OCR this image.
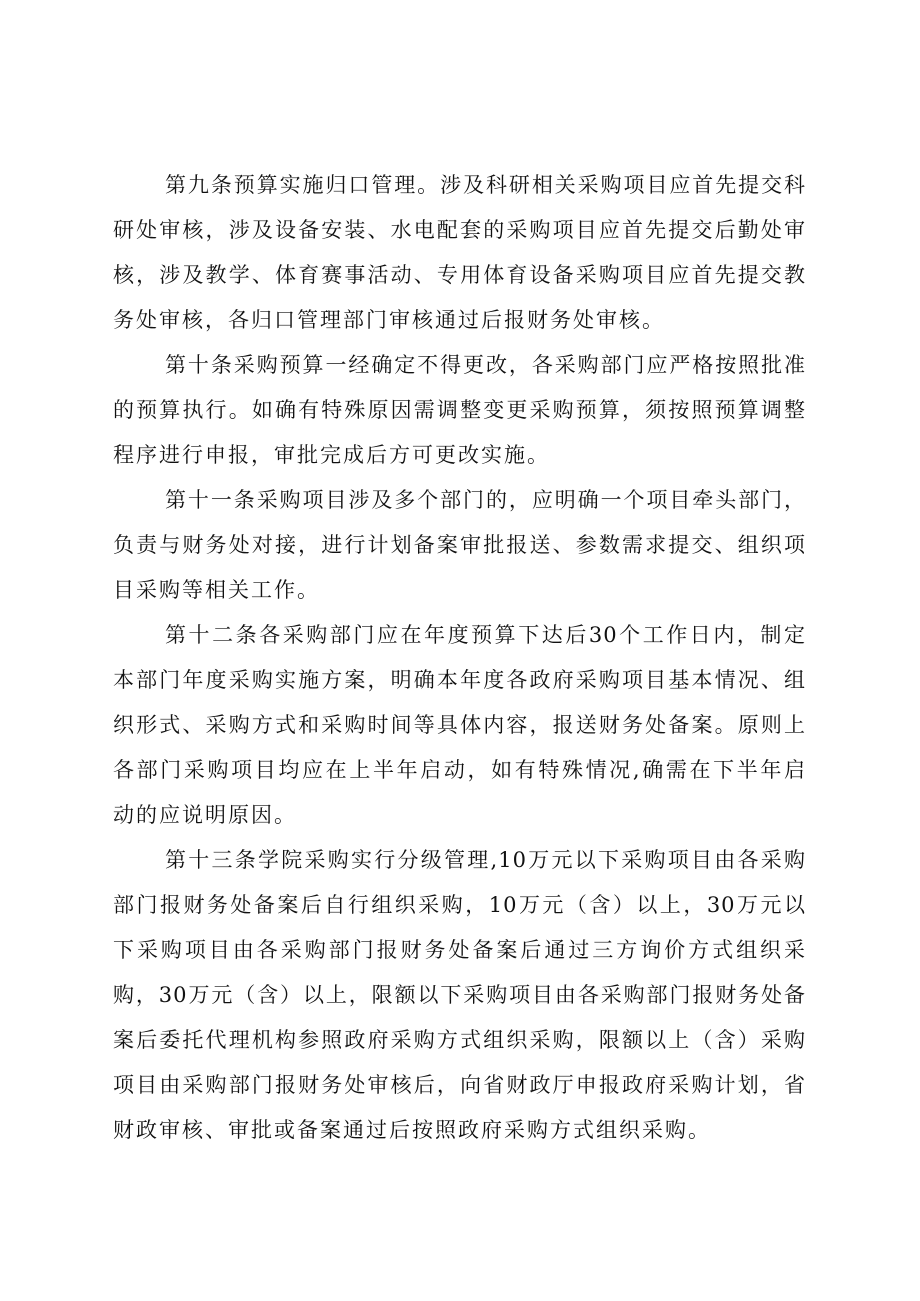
第九条预算实施归口管理。涉及科研相关采购项目应首先提交科
研处审核，涉及设备安装、水电配套的采购项目应首先提交后勤处审
核，涉及教学、体育赛事活动、专用体育设备采购项目应首先提交教
务处审核，各归口管理部门审核通过后报财务处审核。
第十条采购预算一经确定不得更改，各采购部门应严格按照批准
的预算执行。如确有特殊原因需调整变更采购预算，须按照预算调整
程序进行申报，审批完成后方可更改实施。
第十一条采购项目涉及多个部门的，应明确一个项目牵头部门，
负责与财务处对接，进行计划备案审批报送、参数需求提交、组织项
目采购等相关工作。
第十二条各采购部门应在年度预算下达后30个工作日内，制定
本部门年度采购实施方案，明确本年度各政府采购项目基本情况、组
织形式、采购方式和采购时间等具体内容，报送财务处备案。原则上
各部门采购项目均应在上半年启动，如有特殊情况,确需在下半年启
动的应说明原因。
第十三条学院采购实行分级管理,10万元以下采购项目由各采购
部门报财务处备案后自行组织采购，10万元（含）以上，30万元以
下采购项目由各采购部门报财务处备案后通过三方询价方式组织采
购，30万元（含）以上，限额以下采购项目由各采购部门报财务处备
案后委托代理机构参照政府采购方式组织采购，限额以上（含）采购
项目由采购部门报财务处审核后，向省财政厅申报政府采购计划，省
财政审核、审批或备案通过后按照政府采购方式组织采购。
